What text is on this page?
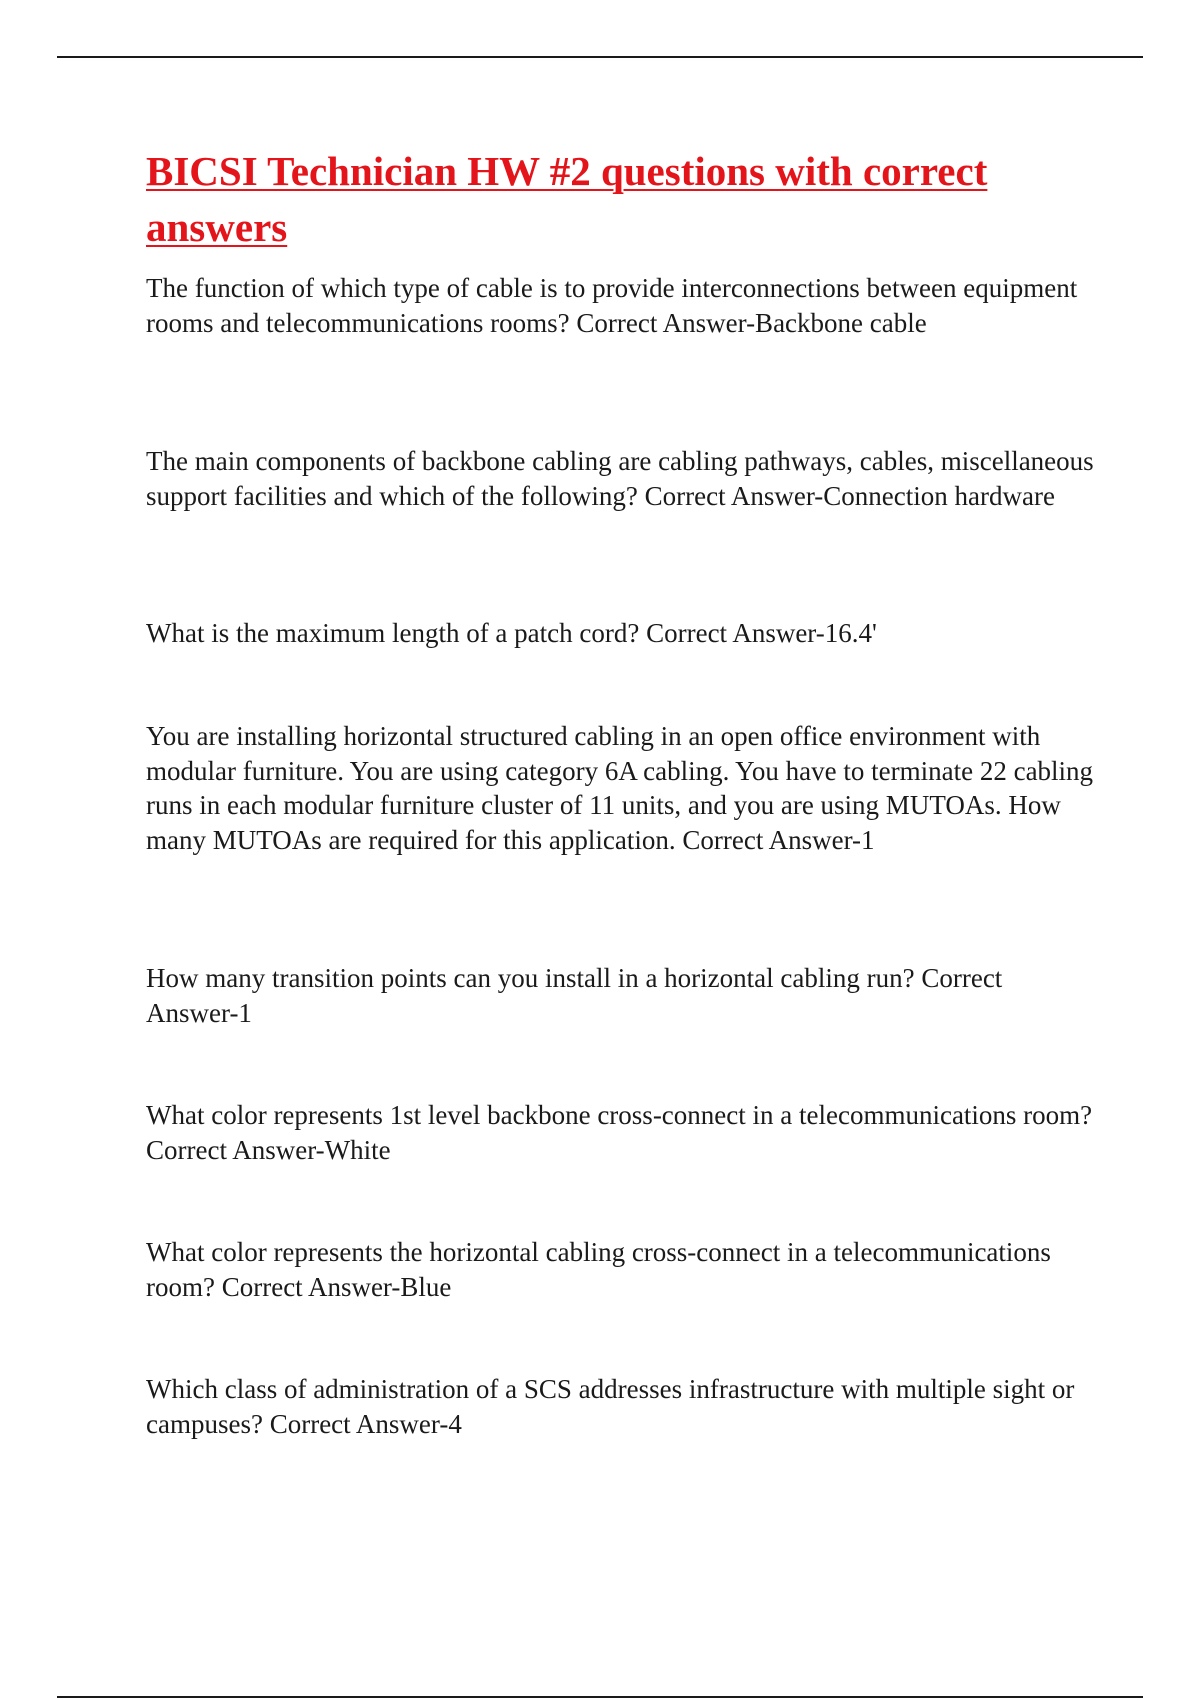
BICSI Technician HW #2 questions with correct answers

The function of which type of cable is to provide interconnections between equipment rooms and telecommunications rooms? Correct Answer-Backbone cable

The main components of backbone cabling are cabling pathways, cables, miscellaneous support facilities and which of the following? Correct Answer-Connection hardware

What is the maximum length of a patch cord? Correct Answer-16.4'

You are installing horizontal structured cabling in an open office environment with modular furniture. You are using category 6A cabling. You have to terminate 22 cabling runs in each modular furniture cluster of 11 units, and you are using MUTOAs. How many MUTOAs are required for this application. Correct Answer-1

How many transition points can you install in a horizontal cabling run? Correct Answer-1

What color represents 1st level backbone cross-connect in a telecommunications room? Correct Answer-White

What color represents the horizontal cabling cross-connect in a telecommunications room? Correct Answer-Blue

Which class of administration of a SCS addresses infrastructure with multiple sight or campuses? Correct Answer-4
